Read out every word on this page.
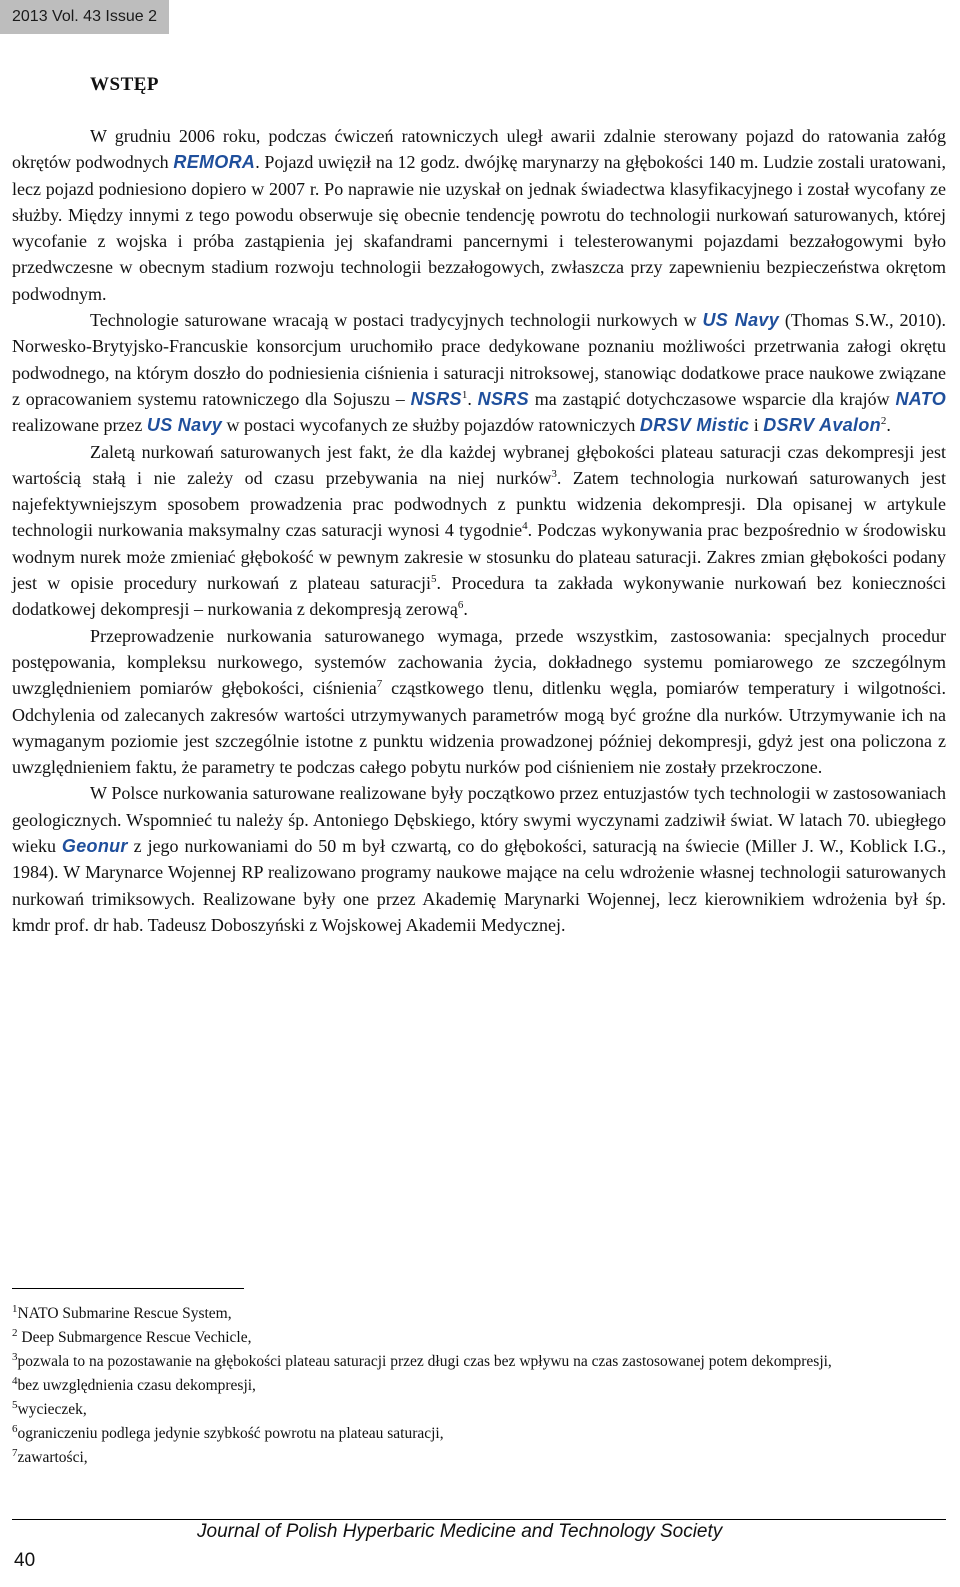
2013 Vol. 43 Issue 2
WSTĘP

W grudniu 2006 roku, podczas ćwiczeń ratowniczych uległ awarii zdalnie sterowany pojazd do ratowania załóg okrętów podwodnych REMORA. Pojazd uwięził na 12 godz. dwójkę marynarzy na głębokości 140 m. Ludzie zostali uratowani, lecz pojazd podniesiono dopiero w 2007 r. Po naprawie nie uzyskał on jednak świadectwa klasyfikacyjnego i został wycofany ze służby. Między innymi z tego powodu obserwuje się obecnie tendencję powrotu do technologii nurkowań saturowanych, której wycofanie z wojska i próba zastąpienia jej skafandrami pancernymi i telesterowanymi pojazdami bezzałogowymi było przedwczesne w obecnym stadium rozwoju technologii bezzałogowych, zwłaszcza przy zapewnieniu bezpieczeństwa okrętom podwodnym.

Technologie saturowane wracają w postaci tradycyjnych technologii nurkowych w US Navy (Thomas S.W., 2010). Norwesko-Brytyjsko-Francuskie konsorcjum uruchomiło prace dedykowane poznaniu możliwości przetrwania załogi okrętu podwodnego, na którym doszło do podniesienia ciśnienia i saturacji nitroksowej, stanowiąc dodatkowe prace naukowe związane z opracowaniem systemu ratowniczego dla Sojuszu – NSRS$^1$. NSRS ma zastąpić dotychczasowe wsparcie dla krajów NATO realizowane przez US Navy w postaci wycofanych ze służby pojazdów ratowniczych DRSV Mistic i DSRV Avalon$^2$.

Zaletą nurkowań saturowanych jest fakt, że dla każdej wybranej głębokości plateau saturacji czas dekompresji jest wartością stałą i nie zależy od czasu przebywania na niej nurków$^3$. Zatem technologia nurkowań saturowanych jest najefektywniejszym sposobem prowadzenia prac podwodnych z punktu widzenia dekompresji. Dla opisanej w artykule technologii nurkowania maksymalny czas saturacji wynosi 4 tygodnie$^4$. Podczas wykonywania prac bezpośrednio w środowisku wodnym nurek może zmieniać głębokość w pewnym zakresie w stosunku do plateau saturacji. Zakres zmian głębokości podany jest w opisie procedury nurkowań z plateau saturacji$^5$. Procedura ta zakłada wykonywanie nurkowań bez konieczności dodatkowej dekompresji – nurkowania z dekompresją zerową$^6$.

Przeprowadzenie nurkowania saturowanego wymaga, przede wszystkim, zastosowania: specjalnych procedur postępowania, kompleksu nurkowego, systemów zachowania życia, dokładnego systemu pomiarowego ze szczególnym uwzględnieniem pomiarów głębokości, ciśnienia$^7$ cząstkowego tlenu, ditlenku węgla, pomiarów temperatury i wilgotności. Odchylenia od zalecanych zakresów wartości utrzymywanych parametrów mogą być groźne dla nurków. Utrzymywanie ich na wymaganym poziomie jest szczególnie istotne z punktu widzenia prowadzonej później dekompresji, gdyż jest ona policzona z uwzględnieniem faktu, że parametry te podczas całego pobytu nurków pod ciśnieniem nie zostały przekroczone.

W Polsce nurkowania saturowane realizowane były początkowo przez entuzjastów tych technologii w zastosowaniach geologicznych. Wspomnieć tu należy śp. Antoniego Dębskiego, który swymi wyczynami zadziwił świat. W latach 70. ubiegłego wieku Geonur z jego nurkowaniami do 50 m był czwartą, co do głębokości, saturacją na świecie (Miller J. W., Koblick I.G., 1984). W Marynarce Wojennej RP realizowano programy naukowe mające na celu wdrożenie własnej technologii saturowanych nurkowań trimiksowych. Realizowane były one przez Akademię Marynarki Wojennej, lecz kierownikiem wdrożenia był śp. kmdr prof. dr hab. Tadeusz Doboszyński z Wojskowej Akademii Medycznej.

$^1$NATO Submarine Rescue System,

$^2$ Deep Submargence Rescue Vechicle,

$^3$pozwala to na pozostawanie na głębokości plateau saturacji przez długi czas bez wpływu na czas zastosowanej potem dekompresji,

$^4$bez uwzględnienia czasu dekompresji,

$^5$wycieczek,

$^6$ograniczeniu podlega jedynie szybkość powrotu na plateau saturacji,

$^7$zawartości,

Journal of Polish Hyperbaric Medicine and Technology Society
40
